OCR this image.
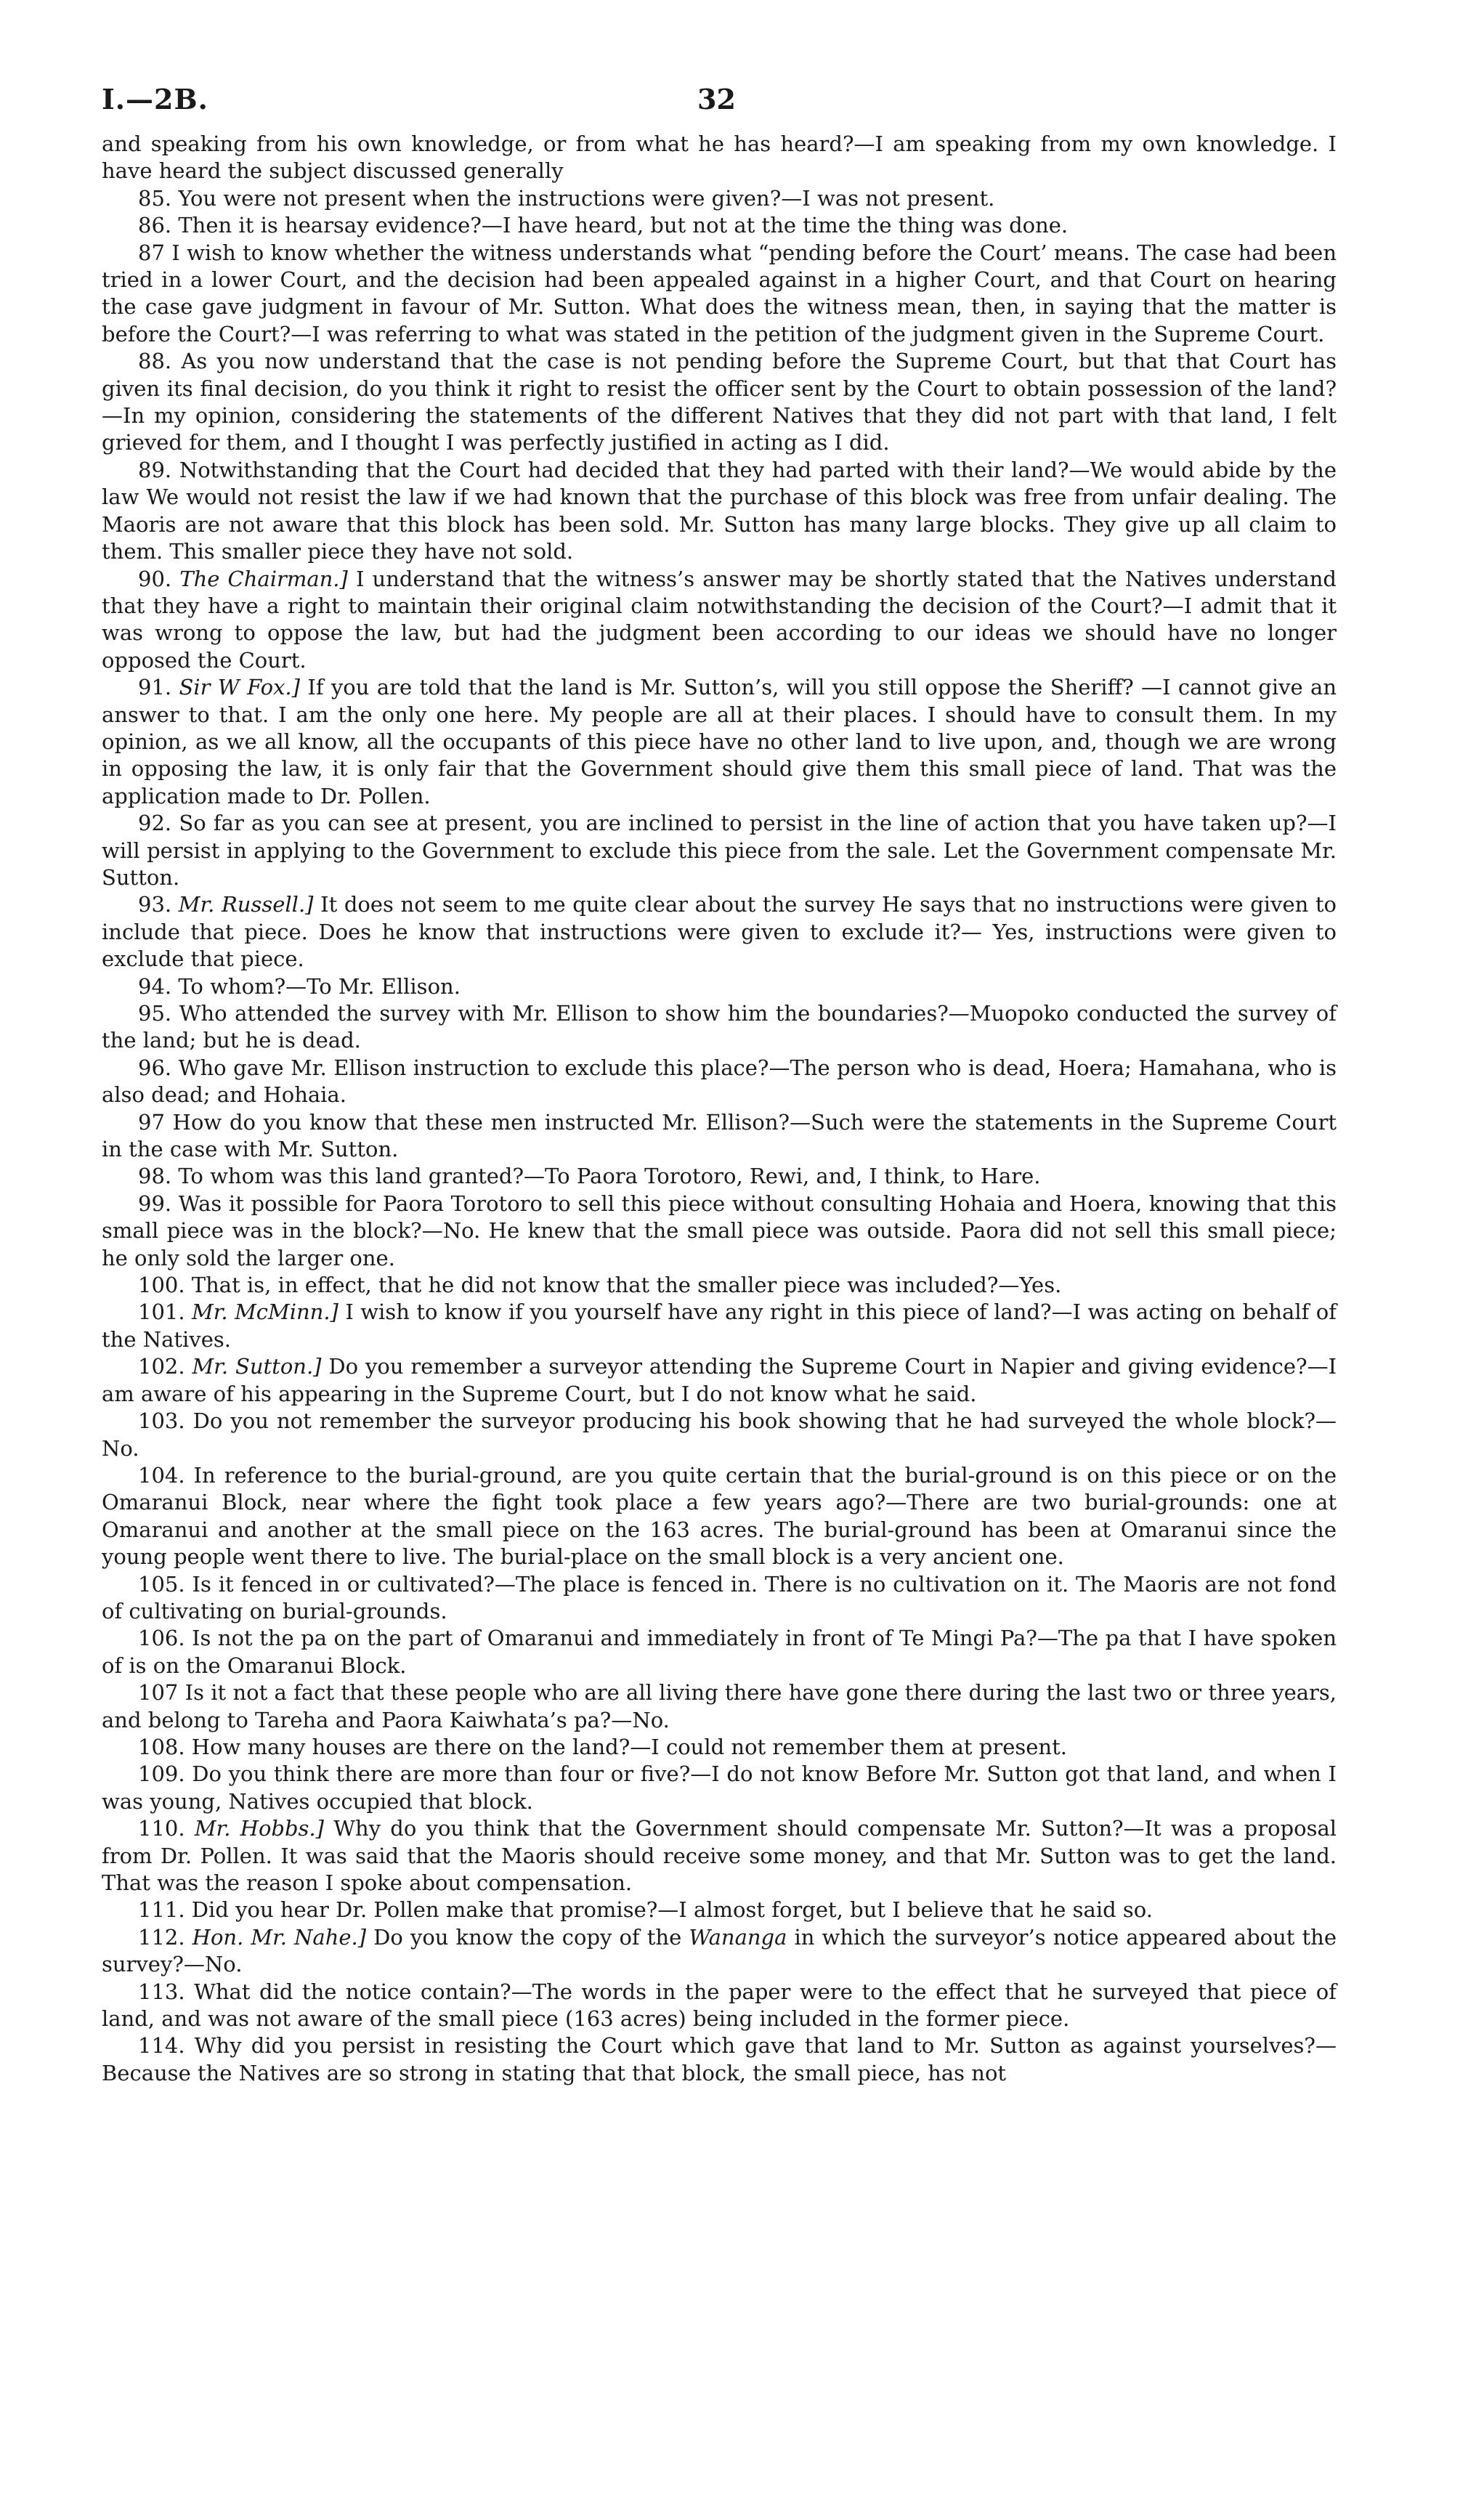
I.—2B.	32

and speaking from his own knowledge, or from what he has heard?—I am speaking from my own knowledge. I have heard the subject discussed generally

85. You were not present when the instructions were given?—I was not present.

86. Then it is hearsay evidence?—I have heard, but not at the time the thing was done.

87 I wish to know whether the witness understands what “pending before the Court’ means. The case had been tried in a lower Court, and the decision had been appealed against in a higher Court, and that Court on hearing the case gave judgment in favour of Mr. Sutton. What does the witness mean, then, in saying that the matter is before the Court?—I was referring to what was stated in the petition of the judgment given in the Supreme Court.

88. As you now understand that the case is not pending before the Supreme Court, but that that Court has given its final decision, do you think it right to resist the officer sent by the Court to obtain possession of the land?—In my opinion, considering the statements of the different Natives that they did not part with that land, I felt grieved for them, and I thought I was perfectly justified in acting as I did.

89. Notwithstanding that the Court had decided that they had parted with their land?—We would abide by the law We would not resist the law if we had known that the purchase of this block was free from unfair dealing. The Maoris are not aware that this block has been sold. Mr. Sutton has many large blocks. They give up all claim to them. This smaller piece they have not sold.

90. The Chairman.] I understand that the witness’s answer may be shortly stated that the Natives understand that they have a right to maintain their original claim notwithstanding the decision of the Court?—I admit that it was wrong to oppose the law, but had the judgment been according to our ideas we should have no longer opposed the Court.

91. Sir W Fox.] If you are told that the land is Mr. Sutton’s, will you still oppose the Sheriff? —I cannot give an answer to that. I am the only one here. My people are all at their places. I should have to consult them. In my opinion, as we all know, all the occupants of this piece have no other land to live upon, and, though we are wrong in opposing the law, it is only fair that the Government should give them this small piece of land. That was the application made to Dr. Pollen.

92. So far as you can see at present, you are inclined to persist in the line of action that you have taken up?—I will persist in applying to the Government to exclude this piece from the sale. Let the Government compensate Mr. Sutton.

93. Mr. Russell.] It does not seem to me quite clear about the survey He says that no instructions were given to include that piece. Does he know that instructions were given to exclude it?— Yes, instructions were given to exclude that piece.

94. To whom?—To Mr. Ellison.

95. Who attended the survey with Mr. Ellison to show him the boundaries?—Muopoko conducted the survey of the land; but he is dead.

96. Who gave Mr. Ellison instruction to exclude this place?—The person who is dead, Hoera; Hamahana, who is also dead; and Hohaia.

97 How do you know that these men instructed Mr. Ellison?—Such were the statements in the Supreme Court in the case with Mr. Sutton.

98. To whom was this land granted?—To Paora Torotoro, Rewi, and, I think, to Hare.

99. Was it possible for Paora Torotoro to sell this piece without consulting Hohaia and Hoera, knowing that this small piece was in the block?—No. He knew that the small piece was outside. Paora did not sell this small piece; he only sold the larger one.

100. That is, in effect, that he did not know that the smaller piece was included?—Yes.

101. Mr. McMinn.] I wish to know if you yourself have any right in this piece of land?—I was acting on behalf of the Natives.

102. Mr. Sutton.] Do you remember a surveyor attending the Supreme Court in Napier and giving evidence?—I am aware of his appearing in the Supreme Court, but I do not know what he said.

103. Do you not remember the surveyor producing his book showing that he had surveyed the whole block?—No.

104. In reference to the burial-ground, are you quite certain that the burial-ground is on this piece or on the Omaranui Block, near where the fight took place a few years ago?—There are two burial-grounds: one at Omaranui and another at the small piece on the 163 acres. The burial-ground has been at Omaranui since the young people went there to live. The burial-place on the small block is a very ancient one.

105. Is it fenced in or cultivated?—The place is fenced in. There is no cultivation on it. The Maoris are not fond of cultivating on burial-grounds.

106. Is not the pa on the part of Omaranui and immediately in front of Te Mingi Pa?—The pa that I have spoken of is on the Omaranui Block.

107 Is it not a fact that these people who are all living there have gone there during the last two or three years, and belong to Tareha and Paora Kaiwhata’s pa?—No.

108. How many houses are there on the land?—I could not remember them at present.

109. Do you think there are more than four or five?—I do not know Before Mr. Sutton got that land, and when I was young, Natives occupied that block.

110. Mr. Hobbs.] Why do you think that the Government should compensate Mr. Sutton?—It was a proposal from Dr. Pollen. It was said that the Maoris should receive some money, and that Mr. Sutton was to get the land. That was the reason I spoke about compensation.

111. Did you hear Dr. Pollen make that promise?—I almost forget, but I believe that he said so.

112. Hon. Mr. Nahe.] Do you know the copy of the Wananga in which the surveyor’s notice appeared about the survey?—No.

113. What did the notice contain?—The words in the paper were to the effect that he surveyed that piece of land, and was not aware of the small piece (163 acres) being included in the former piece.

114. Why did you persist in resisting the Court which gave that land to Mr. Sutton as against yourselves?—Because the Natives are so strong in stating that that block, the small piece, has not
